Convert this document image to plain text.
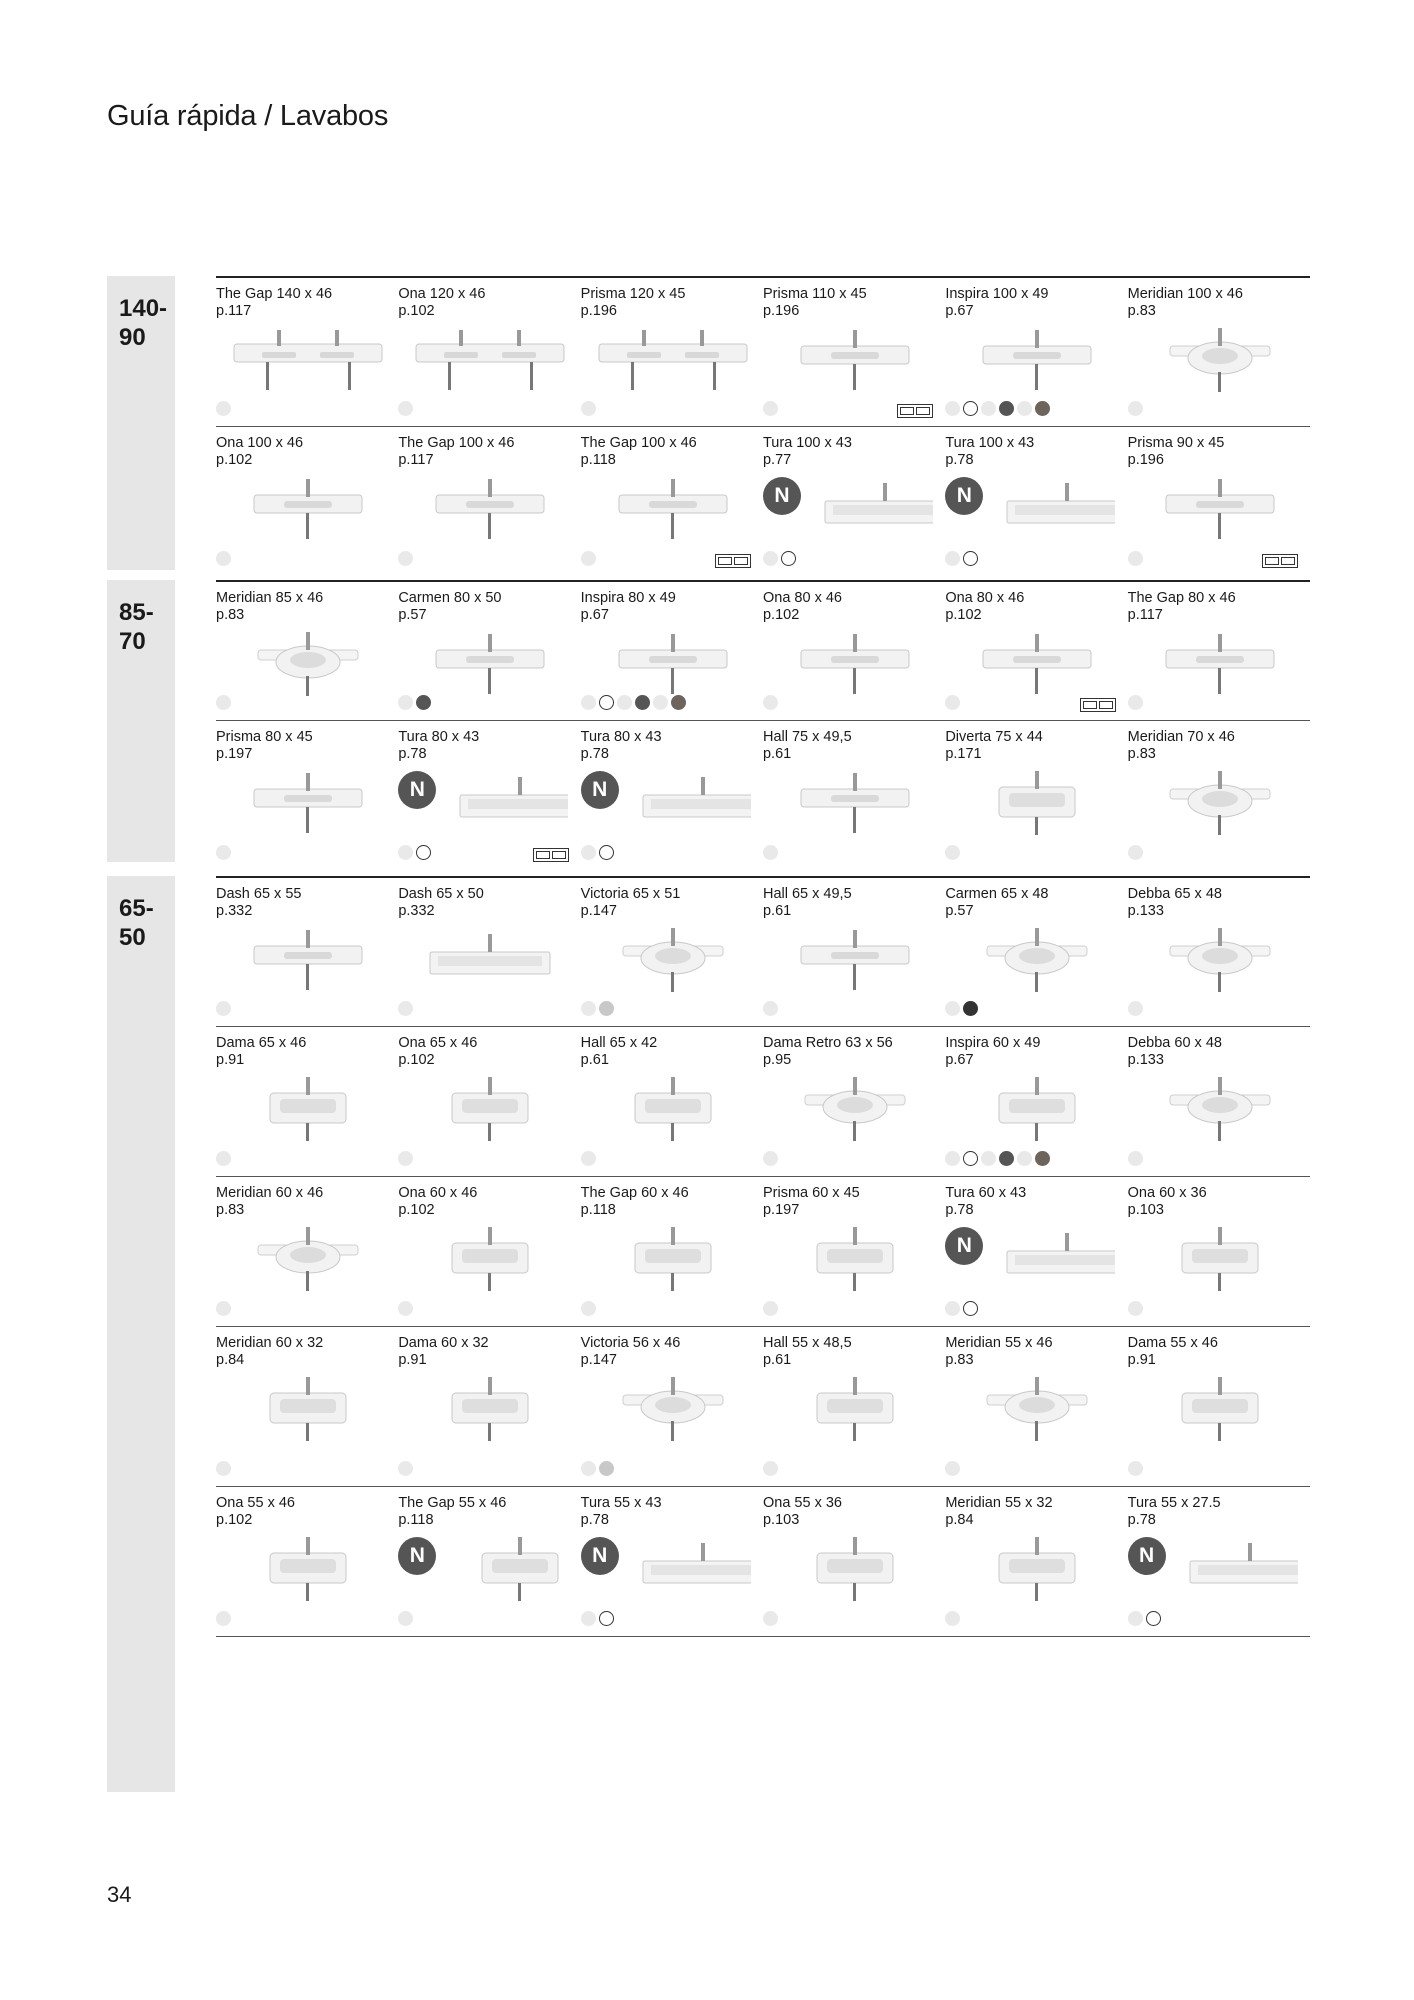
Guía rápida / Lavabos
140-
90
The Gap 140 x 46
p.117
Ona 120 x 46
p.102
Prisma 120 x 45
p.196
Prisma 110 x 45
p.196
Inspira 100 x 49
p.67
Meridian 100 x 46
p.83
Ona 100 x 46
p.102
The Gap 100 x 46
p.117
The Gap 100 x 46
p.118
Tura 100 x 43
p.77
N
Tura 100 x 43
p.78
N
Prisma 90 x 45
p.196
85-
70
Meridian 85 x 46
p.83
Carmen 80 x 50
p.57
Inspira 80 x 49
p.67
Ona 80 x 46
p.102
Ona 80 x 46
p.102
The Gap 80 x 46
p.117
Prisma 80 x 45
p.197
Tura 80 x 43
p.78
N
Tura 80 x 43
p.78
N
Hall 75 x 49,5
p.61
Diverta 75 x 44
p.171
Meridian 70 x 46
p.83
65-
50
Dash 65 x 55
p.332
Dash 65 x 50
p.332
Victoria 65 x 51
p.147
Hall 65 x 49,5
p.61
Carmen 65 x 48
p.57
Debba 65 x 48
p.133
Dama 65 x 46
p.91
Ona 65 x 46
p.102
Hall 65 x 42
p.61
Dama Retro 63 x 56
p.95
Inspira 60 x 49
p.67
Debba 60 x 48
p.133
Meridian 60 x 46
p.83
Ona 60 x 46
p.102
The Gap 60 x 46
p.118
Prisma 60 x 45
p.197
Tura 60 x 43
p.78
N
Ona 60 x 36
p.103
Meridian 60 x 32
p.84
Dama 60 x 32
p.91
Victoria 56 x 46
p.147
Hall 55 x 48,5
p.61
Meridian 55 x 46
p.83
Dama 55 x 46
p.91
Ona 55 x 46
p.102
The Gap 55 x 46
p.118
N
Tura 55 x 43
p.78
N
Ona 55 x 36
p.103
Meridian 55 x 32
p.84
Tura 55 x 27.5
p.78
N
34
